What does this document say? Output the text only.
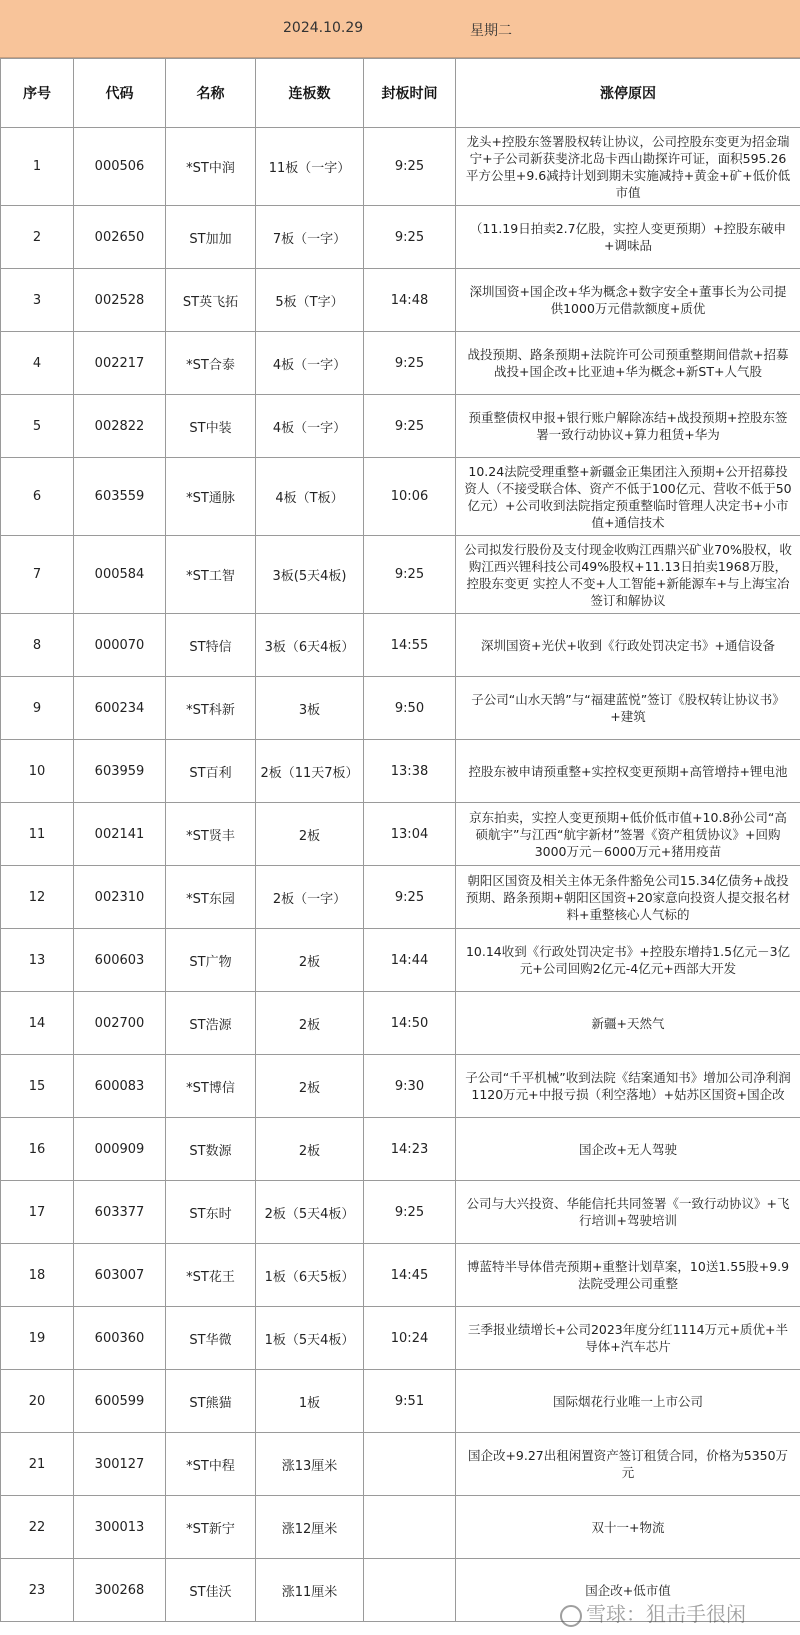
2024.10.29	星期二
序号	代码	名称	连板数	封板时间	涨停原因
1	000506	*ST中润	11板（一字）	9:25	龙头+控股东签署股权转让协议，公司控股东变更为招金瑞宁+子公司新获斐济北岛卡西山勘探许可证，面积595.26平方公里+9.6减持计划到期未实施减持+黄金+矿+低价低市值
2	002650	ST加加	7板（一字）	9:25	（11.19日拍卖2.7亿股，实控人变更预期）+控股东破申+调味品
3	002528	ST英飞拓	5板（T字）	14:48	深圳国资+国企改+华为概念+数字安全+董事长为公司提供1000万元借款额度+质优
4	002217	*ST合泰	4板（一字）	9:25	战投预期、路条预期+法院许可公司预重整期间借款+招募战投+国企改+比亚迪+华为概念+新ST+人气股
5	002822	ST中装	4板（一字）	9:25	预重整债权申报+银行账户解除冻结+战投预期+控股东签署一致行动协议+算力租赁+华为
6	603559	*ST通脉	4板（T板）	10:06	10.24法院受理重整+新疆金正集团注入预期+公开招募投资人（不接受联合体、资产不低于100亿元、营收不低于50亿元）+公司收到法院指定预重整临时管理人决定书+小市值+通信技术
7	000584	*ST工智	3板(5天4板)	9:25	公司拟发行股份及支付现金收购江西鼎兴矿业70%股权，收购江西兴锂科技公司49%股权+11.13日拍卖1968万股，控股东变更 实控人不变+人工智能+新能源车+与上海宝冶签订和解协议
8	000070	ST特信	3板（6天4板）	14:55	深圳国资+光伏+收到《行政处罚决定书》+通信设备
9	600234	*ST科新	3板	9:50	子公司“山水天鹄”与“福建蓝悦”签订《股权转让协议书》+建筑
10	603959	ST百利	2板（11天7板）	13:38	控股东被申请预重整+实控权变更预期+高管增持+锂电池
11	002141	*ST贤丰	2板	13:04	京东拍卖，实控人变更预期+低价低市值+10.8孙公司“高硕航宇”与江西“航宇新材”签署《资产租赁协议》+回购3000万元－6000万元+猪用疫苗
12	002310	*ST东园	2板（一字）	9:25	朝阳区国资及相关主体无条件豁免公司15.34亿债务+战投预期、路条预期+朝阳区国资+20家意向投资人提交报名材料+重整核心人气标的
13	600603	ST广物	2板	14:44	10.14收到《行政处罚决定书》+控股东增持1.5亿元－3亿元+公司回购2亿元-4亿元+西部大开发
14	002700	ST浩源	2板	14:50	新疆+天然气
15	600083	*ST博信	2板	9:30	子公司“千平机械”收到法院《结案通知书》增加公司净利润1120万元+中报亏损（利空落地）+姑苏区国资+国企改
16	000909	ST数源	2板	14:23	国企改+无人驾驶
17	603377	ST东时	2板（5天4板）	9:25	公司与大兴投资、华能信托共同签署《一致行动协议》+飞行培训+驾驶培训
18	603007	*ST花王	1板（6天5板）	14:45	博蓝特半导体借壳预期+重整计划草案，10送1.55股+9.9法院受理公司重整
19	600360	ST华微	1板（5天4板）	10:24	三季报业绩增长+公司2023年度分红1114万元+质优+半导体+汽车芯片
20	600599	ST熊猫	1板	9:51	国际烟花行业唯一上市公司
21	300127	*ST中程	涨13厘米		国企改+9.27出租闲置资产签订租赁合同，价格为5350万元
22	300013	*ST新宁	涨12厘米		双十一+物流
23	300268	ST佳沃	涨11厘米		国企改+低市值
雪球：狙击手很闲
